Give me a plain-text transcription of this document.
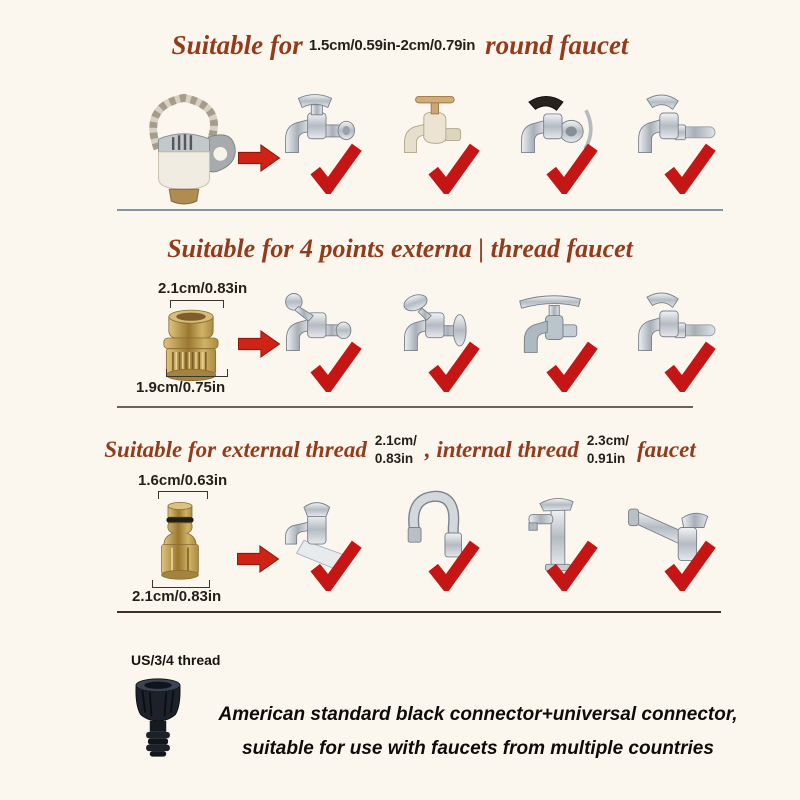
Suitable for 1.5cm/0.59in-2cm/0.79in round faucet
Suitable for 4 points externa | thread faucet
2.1cm/0.83in
1.9cm/0.75in
Suitable for external thread 2.1cm/
0.83in , internal thread 2.3cm/
0.91in faucet
1.6cm/0.63in
2.1cm/0.83in
US/3/4 thread
American standard black connector+universal connector,
suitable for use with faucets from multiple countries
